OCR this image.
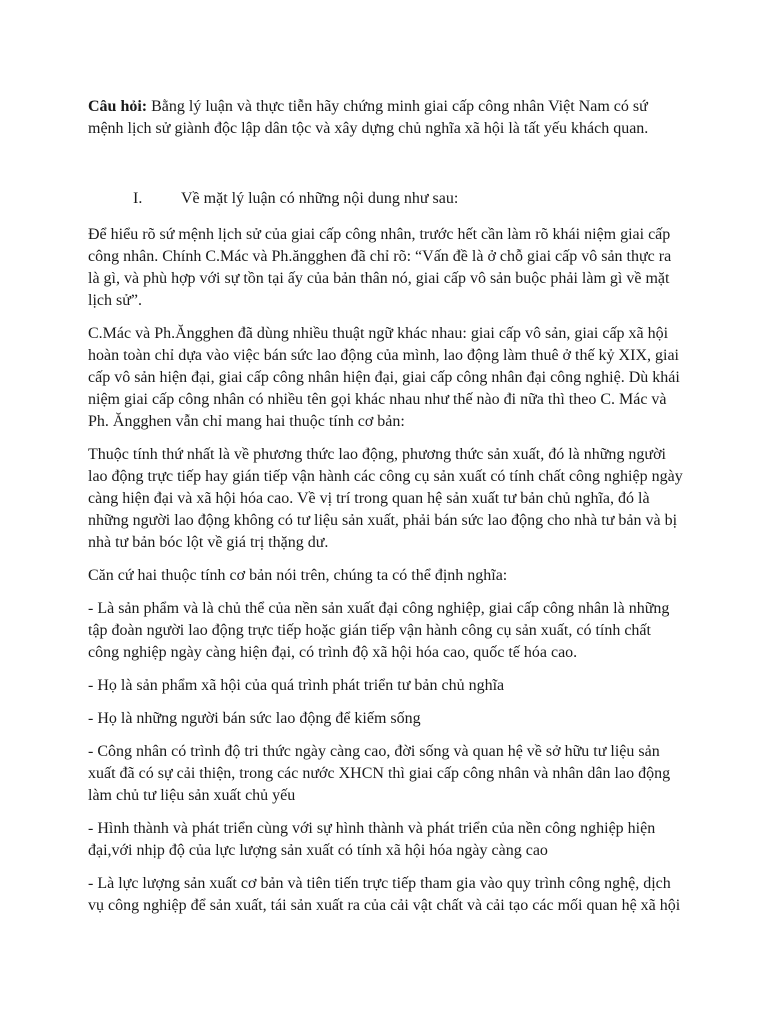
Câu hỏi: Bằng lý luận và thực tiễn hãy chứng minh giai cấp công nhân Việt Nam có sứ mệnh lịch sử giành độc lập dân tộc và xây dựng chủ nghĩa xã hội là tất yếu khách quan.

I.	Về mặt lý luận có những nội dung như sau:

Để hiểu rõ sứ mệnh lịch sử của giai cấp công nhân, trước hết cần làm rõ khái niệm giai cấp công nhân. Chính C.Mác và Ph.ăngghen đã chỉ rõ: “Vấn đề là ở chỗ giai cấp vô sản thực ra là gì, và phù hợp với sự tồn tại ấy của bản thân nó, giai cấp vô sản buộc phải làm gì về mặt lịch sử”.

C.Mác và Ph.Ăngghen đã dùng nhiều thuật ngữ khác nhau: giai cấp vô sản, giai cấp xã hội hoàn toàn chỉ dựa vào việc bán sức lao động của mình, lao động làm thuê ở thế kỷ XIX, giai cấp vô sản hiện đại, giai cấp công nhân hiện đại, giai cấp công nhân đại công nghiệ. Dù khái niệm giai cấp công nhân có nhiều tên gọi khác nhau như thế nào đi nữa thì theo C. Mác và Ph. Ăngghen vẫn chỉ mang hai thuộc tính cơ bản:

Thuộc tính thứ nhất là về phương thức lao động, phương thức sản xuất, đó là những người lao động trực tiếp hay gián tiếp vận hành các công cụ sản xuất có tính chất công nghiệp ngày càng hiện đại và xã hội hóa cao. Về vị trí trong quan hệ sản xuất tư bản chủ nghĩa, đó là những người lao động không có tư liệu sản xuất, phải bán sức lao động cho nhà tư bản và bị nhà tư bản bóc lột về giá trị thặng dư.

Căn cứ hai thuộc tính cơ bản nói trên, chúng ta có thể định nghĩa:

- Là sản phẩm và là chủ thể của nền sản xuất đại công nghiệp, giai cấp công nhân là những tập đoàn người lao động trực tiếp hoặc gián tiếp vận hành công cụ sản xuất, có tính chất công nghiệp ngày càng hiện đại, có trình độ xã hội hóa cao, quốc tế hóa cao.

- Họ là sản phẩm xã hội của quá trình phát triển tư bản chủ nghĩa

- Họ là những người bán sức lao động để kiếm sống

- Công nhân có trình độ tri thức ngày càng cao, đời sống và quan hệ về sở hữu tư liệu sản xuất đã có sự cải thiện, trong các nước XHCN thì giai cấp công nhân và nhân dân lao động làm chủ tư liệu sản xuất chủ yếu

- Hình thành và phát triển cùng với sự hình thành và phát triển của nền công nghiệp hiện đại,với nhịp độ của lực lượng sản xuất có tính xã hội hóa ngày càng cao

- Là lực lượng sản xuất cơ bản và tiên tiến trực tiếp tham gia vào quy trình công nghệ, dịch vụ công nghiệp để sản xuất, tái sản xuất ra của cải vật chất và cải tạo các mối quan hệ xã hội
